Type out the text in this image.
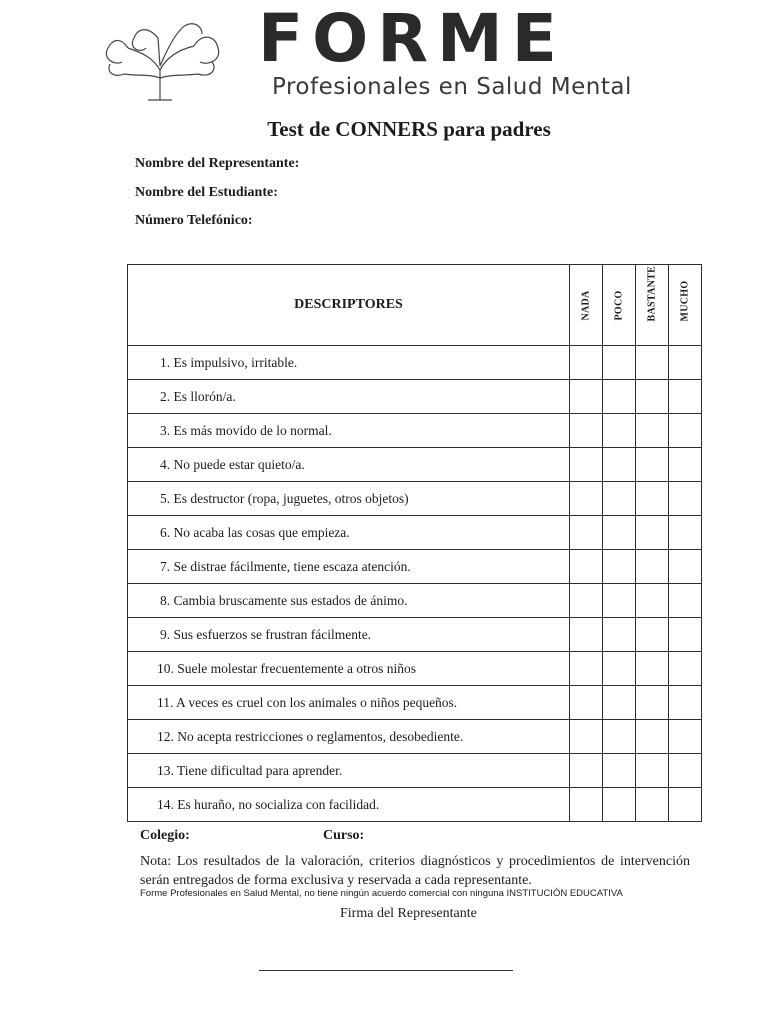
FORME
Profesionales en Salud Mental
Test de CONNERS para padres
Nombre del Representante:
Nombre del Estudiante:
Número Telefónico:
DESCRIPTORES	NADA	POCO	BASTANTE	MUCHO

1. Es impulsivo, irritable.				
2. Es llorón/a.				
3. Es más movido de lo normal.				
4. No puede estar quieto/a.				
5. Es destructor (ropa, juguetes, otros objetos)				
6. No acaba las cosas que empieza.				
7. Se distrae fácilmente, tiene escaza atención.				
8. Cambia bruscamente sus estados de ánimo.				
9. Sus esfuerzos se frustran fácilmente.				
10. Suele molestar frecuentemente a otros niños				
11. A veces es cruel con los animales o niños pequeños.				
12. No acepta restricciones o reglamentos, desobediente.				
13. Tiene dificultad para aprender.				
14. Es huraño, no socializa con facilidad.				
Colegio:	Curso:
Nota: Los resultados de la valoración, criterios diagnósticos y procedimientos de intervención serán entregados de forma exclusiva y reservada a cada representante.
Forme Profesionales en Salud Mental, no tiene ningún acuerdo comercial con ninguna INSTITUCIÓN EDUCATIVA
Firma del Representante
